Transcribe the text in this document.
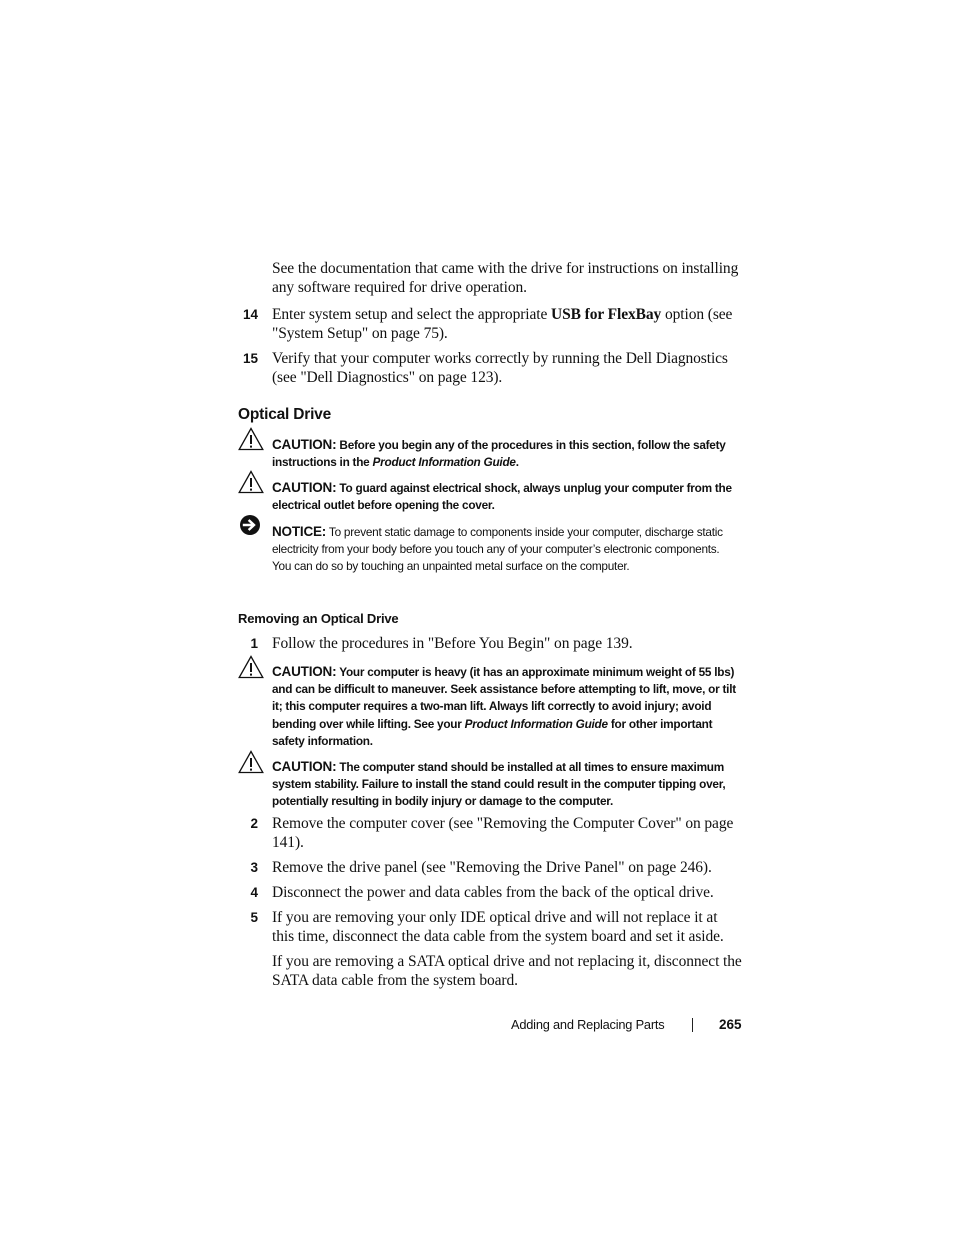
See the documentation that came with the drive for instructions on installing any software required for drive operation.
14 Enter system setup and select the appropriate USB for FlexBay option (see "System Setup" on page 75).
15 Verify that your computer works correctly by running the Dell Diagnostics (see "Dell Diagnostics" on page 123).
Optical Drive
CAUTION: Before you begin any of the procedures in this section, follow the safety instructions in the Product Information Guide.
CAUTION: To guard against electrical shock, always unplug your computer from the electrical outlet before opening the cover.
NOTICE: To prevent static damage to components inside your computer, discharge static electricity from your body before you touch any of your computer’s electronic components. You can do so by touching an unpainted metal surface on the computer.
Removing an Optical Drive
1 Follow the procedures in "Before You Begin" on page 139.
CAUTION: Your computer is heavy (it has an approximate minimum weight of 55 lbs) and can be difficult to maneuver. Seek assistance before attempting to lift, move, or tilt it; this computer requires a two-man lift. Always lift correctly to avoid injury; avoid bending over while lifting. See your Product Information Guide for other important safety information.
CAUTION: The computer stand should be installed at all times to ensure maximum system stability. Failure to install the stand could result in the computer tipping over, potentially resulting in bodily injury or damage to the computer.
2 Remove the computer cover (see "Removing the Computer Cover" on page 141).
3 Remove the drive panel (see "Removing the Drive Panel" on page 246).
4 Disconnect the power and data cables from the back of the optical drive.
5 If you are removing your only IDE optical drive and will not replace it at this time, disconnect the data cable from the system board and set it aside.
If you are removing a SATA optical drive and not replacing it, disconnect the SATA data cable from the system board.
Adding and Replacing Parts	265
